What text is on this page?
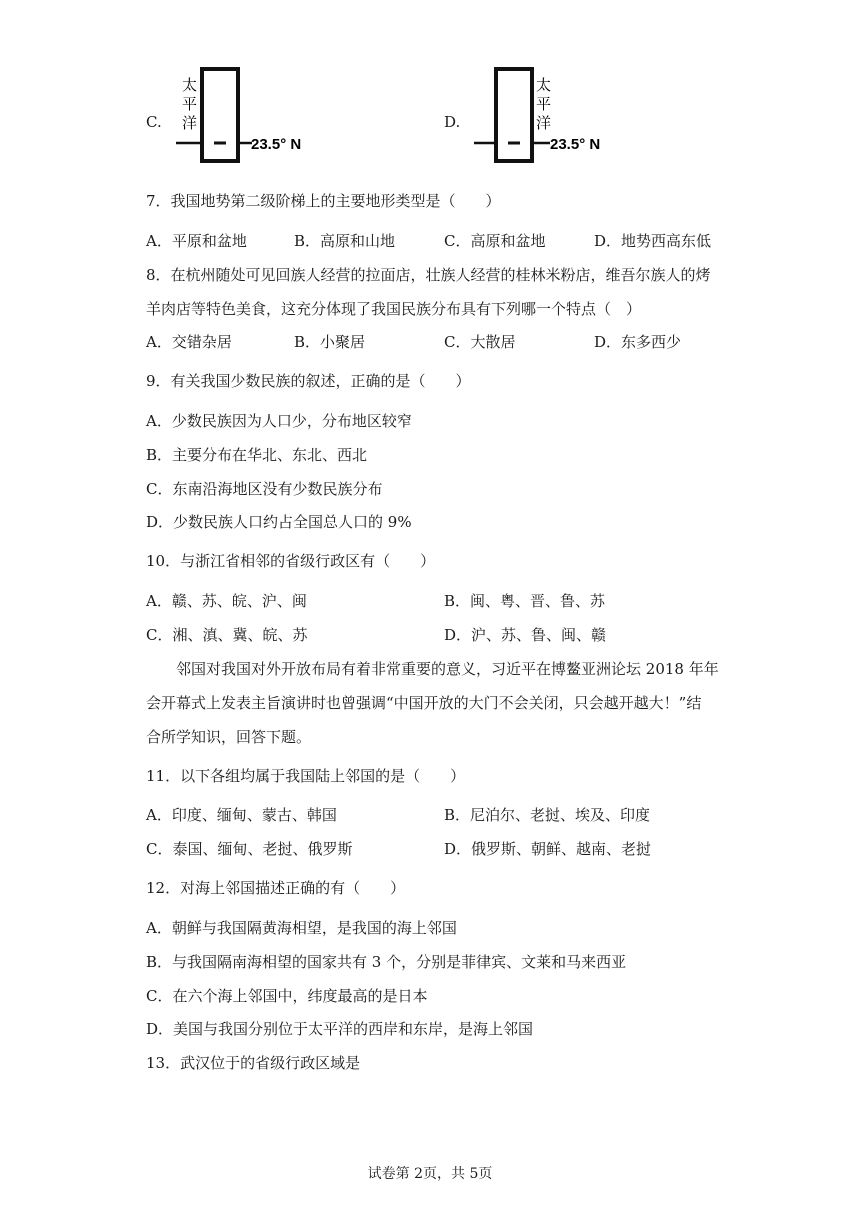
C.
太
平
洋
23.5° N
D.
太
平
洋
23.5° N
7．我国地势第二级阶梯上的主要地形类型是（　　）
A．平原和盆地	B．高原和山地	C．高原和盆地	D．地势西高东低
8．在杭州随处可见回族人经营的拉面店，壮族人经营的桂林米粉店，维吾尔族人的烤
羊肉店等特色美食，这充分体现了我国民族分布具有下列哪一个特点（　）
A．交错杂居	B．小聚居	C．大散居	D．东多西少
9．有关我国少数民族的叙述，正确的是（　　）
A．少数民族因为人口少，分布地区较窄
B．主要分布在华北、东北、西北
C．东南沿海地区没有少数民族分布
D．少数民族人口约占全国总人口的 9%
10．与浙江省相邻的省级行政区有（　　）
A．赣、苏、皖、沪、闽	B．闽、粤、晋、鲁、苏
C．湘、滇、冀、皖、苏	D．沪、苏、鲁、闽、赣
邻国对我国对外开放布局有着非常重要的意义，习近平在博鳌亚洲论坛 2018 年年
会开幕式上发表主旨演讲时也曾强调“中国开放的大门不会关闭，只会越开越大！”结
合所学知识，回答下题。
11．以下各组均属于我国陆上邻国的是（　　）
A．印度、缅甸、蒙古、韩国	B．尼泊尔、老挝、埃及、印度
C．泰国、缅甸、老挝、俄罗斯	D．俄罗斯、朝鲜、越南、老挝
12．对海上邻国描述正确的有（　　）
A．朝鲜与我国隔黄海相望，是我国的海上邻国
B．与我国隔南海相望的国家共有 3 个，分别是菲律宾、文莱和马来西亚
C．在六个海上邻国中，纬度最高的是日本
D．美国与我国分别位于太平洋的西岸和东岸，是海上邻国
13．武汉位于的省级行政区域是
试卷第 2页，共 5页
